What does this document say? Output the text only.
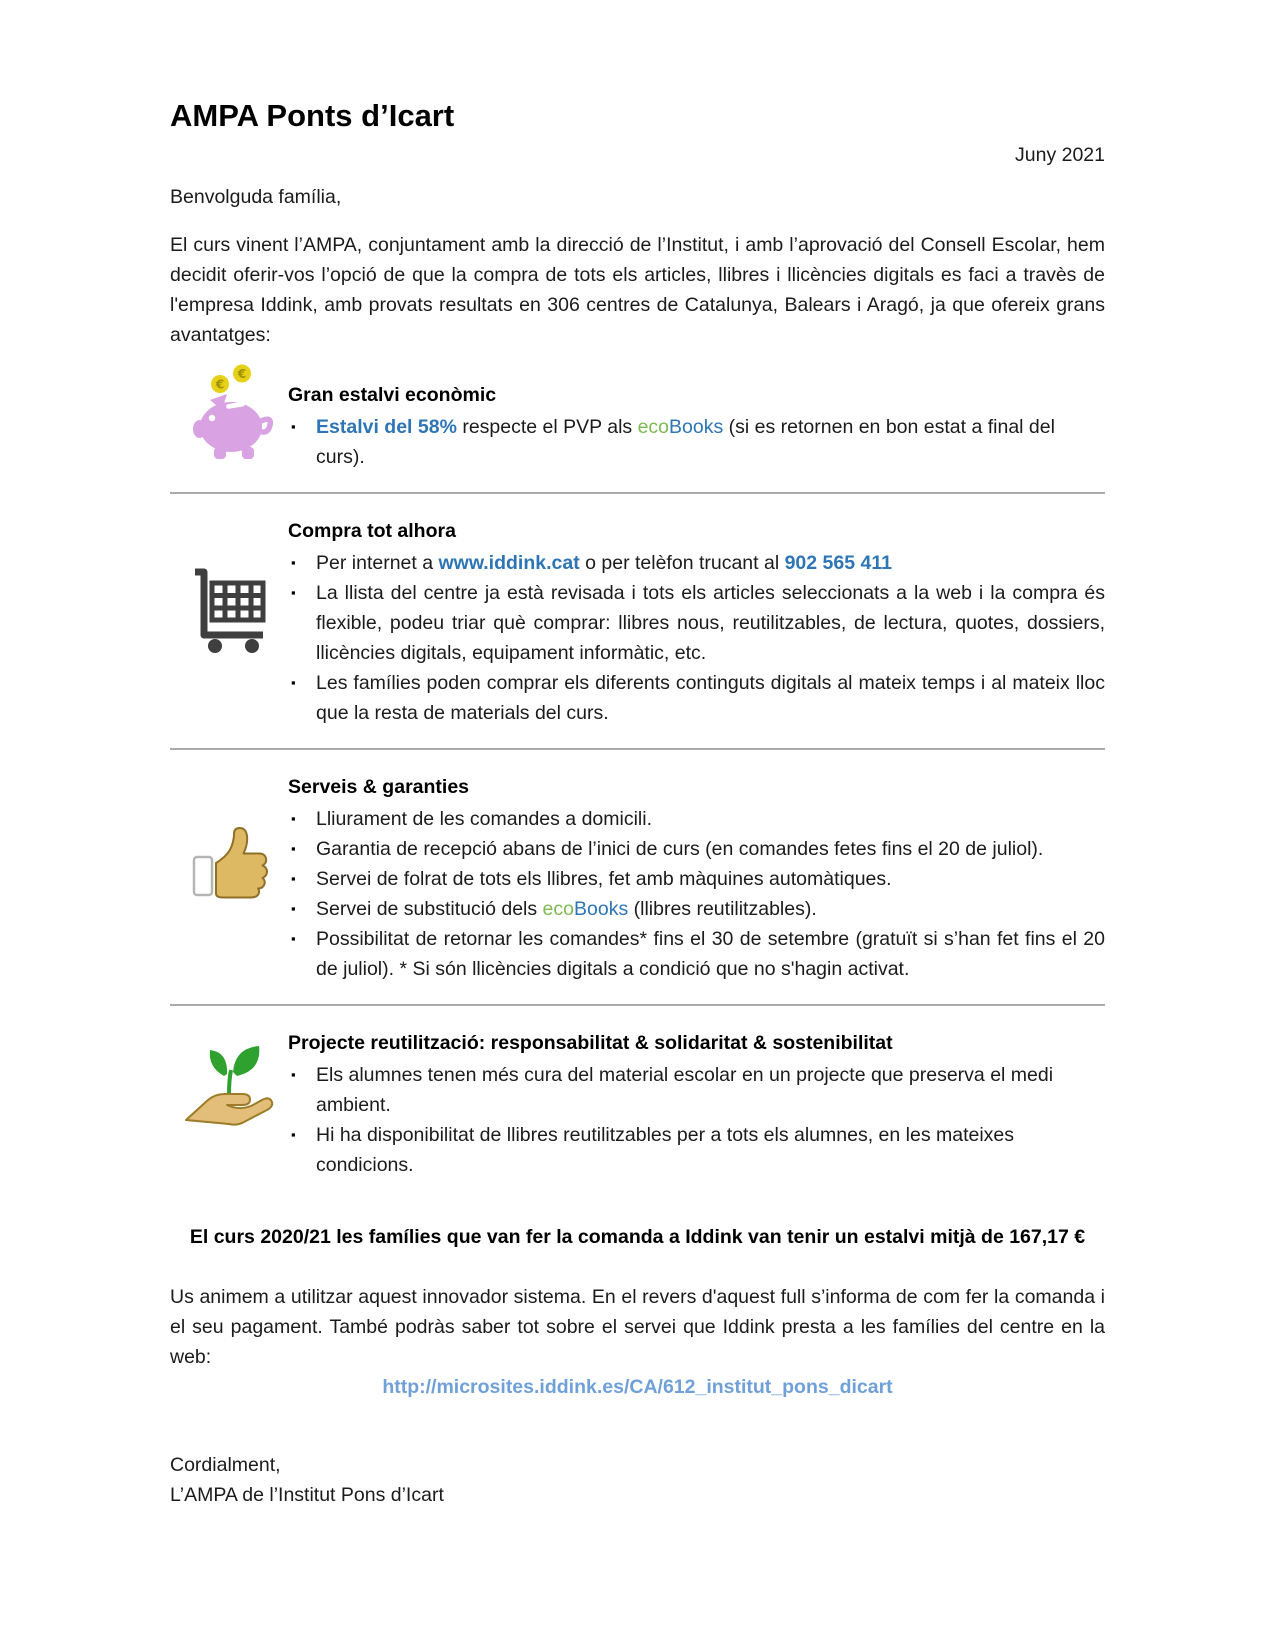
AMPA Ponts d’Icart
Juny 2021

Benvolguda família,

El curs vinent l’AMPA, conjuntament amb la direcció de l’Institut, i amb l’aprovació del Consell Escolar, hem decidit oferir-vos l’opció de que la compra de tots els articles, llibres i llicències digitals es faci a travès de l'empresa Iddink, amb provats resultats en 306 centres de Catalunya, Balears i Aragó, ja que ofereix grans avantatges:

€
€
Gran estalvi econòmic
▪ Estalvi del 58% respecte el PVP als ecoBooks (si es retornen en bon estat a final del curs).
Compra tot alhora
▪ Per internet a www.iddink.cat o per telèfon trucant al 902 565 411
▪ La llista del centre ja està revisada i tots els articles seleccionats a la web i la compra és flexible, podeu triar què comprar: llibres nous, reutilitzables, de lectura, quotes, dossiers, llicències digitals, equipament informàtic, etc.
▪ Les famílies poden comprar els diferents continguts digitals al mateix temps i al mateix lloc que la resta de materials del curs.
Serveis & garanties
▪ Lliurament de les comandes a domicili.
▪ Garantia de recepció abans de l’inici de curs (en comandes fetes fins el 20 de juliol).
▪ Servei de folrat de tots els llibres, fet amb màquines automàtiques.
▪ Servei de substitució dels ecoBooks (llibres reutilitzables).
▪ Possibilitat de retornar les comandes* fins el 30 de setembre (gratuït si s’han fet fins el 20 de juliol). * Si són llicències digitals a condició que no s'hagin activat.
Projecte reutilització: responsabilitat & solidaritat & sostenibilitat
▪ Els alumnes tenen més cura del material escolar en un projecte que preserva el medi ambient.
▪ Hi ha disponibilitat de llibres reutilitzables per a tots els alumnes, en les mateixes condicions.

El curs 2020/21 les famílies que van fer la comanda a Iddink van tenir un estalvi mitjà de 167,17 €

Us animem a utilitzar aquest innovador sistema. En el revers d'aquest full s’informa de com fer la comanda i el seu pagament. També podràs saber tot sobre el servei que Iddink presta a les famílies del centre en la web:

http://microsites.iddink.es/CA/612_institut_pons_dicart

Cordialment,

L’AMPA de l’Institut Pons d’Icart
